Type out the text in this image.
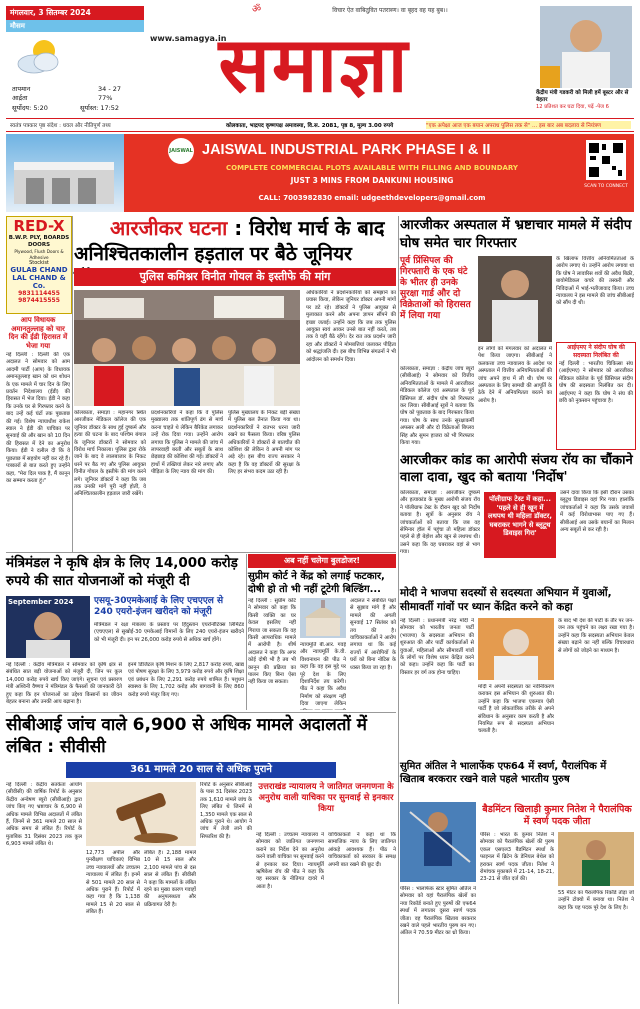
मंगलवार, 3 सितम्बर 2024
मौसम
तापमान	34 - 27
आर्द्रता	77%
सूर्योदय: 5:20	सूर्यास्त: 17:52
विचार ऐत वाबितु्वित पतराब्ण। वा बृहद वह यह बुब।।
ॐ
www.samagya.in
समाज्ञा	केंद्रीय मंत्री गडकरी को मिली हमें बूस्टर और से बेहतर
12 प्रतिशत कर घटा दिया, पढ़ें -पेज 6
स्वतंत्र पत्रकार पृष्ठ संदेश : धवल और नीतिपूर्ण तथ्य	कोलकाता, भाद्रपद कृष्णपक्ष अमावस्या, वि.स. 2081, पृष्ठ 8, मूल्य 3.00 रुपये	"एक अपेक्षा आज एक बयान अपराध पुलिस तक से" ... इस बार अब बदलाव से नियंत्रण
JAISWAL JAISWAL INDUSTRIAL PARK PHASE I & II
COMPLETE COMMERCIAL PLOTS AVAILABLE WITH FILLING AND BOUNDARY
JUST 3 MINS FROM DANKUNI HOUSING
CALL: 7003982830 email: udgeethdevelopers@gmail.com
SCAN TO CONNECT
RED-X
B.W.P. PLY, BOARDS DOORS
Plywood, Flush Doors & Adhesive
Stockist
GULAB CHAND LAL CHAND & Co.
9831114455
9874415555
आप विधायक अमानतुल्लाह को चार दिन की ईडी हिरासत में भेजा गया
नई दिल्ली : दिल्ली की एक अदालत ने सोमवार को आम आदमी पार्टी (आप) के विधायक अमानतुल्लाह खान को धन शोधन के एक मामले में चार दिन के लिए प्रवर्तन निदेशालय (ईडी) की हिरासत में भेज दिया। ईडी ने कहा कि उनके घर से गिरफ्तार करने के बाद उन्हें कई घंटों तक पूछताछ की गई। विशेष न्यायाधीश राकेश स्याल ने ईडी की याचिका पर सुनवाई की और खान को 10 दिन की हिरासत में देने का अनुरोध किया। ईडी ने दलील दी कि वे पूछताछ में सहयोग नहीं कर रहे हैं। पत्रकारों से बात करते हुए उन्होंने कहा, "मेरा दिल पाक है, मैं कानून का सम्मान करता हूं।"
आरजीकर घटना : विरोध मार्च के बाद
अनिश्चितकालीन हड़ताल पर बैठे जूनियर
पुलिस कमिश्नर विनीत गोयल के इस्तीफे की मांग
अधिकारियों ने प्रदर्शनकारियों को समझाने का प्रयास किया, लेकिन जूनियर डॉक्टर अपनी मांगों पर डटे रहे। डॉक्टरों ने पुलिस आयुक्त से मुलाकात करने और अपना ज्ञापन सौंपने की इच्छा जताई। उन्होंने कहा कि जब तक पुलिस आयुक्त स्वयं आकर उनसे बात नहीं करते, तब तक वे यहीं बैठे रहेंगे। देर रात तक प्रदर्शन जारी रहा और डॉक्टरों ने मोमबत्तियां जलाकर पीड़िता को श्रद्धांजलि दी। इस बीच विभिन्न संगठनों ने भी आंदोलन को समर्थन दिया।
कोलकाता, समाज्ञा : महानगर स्थित आरजीकर मेडिकल कॉलेज की एक जूनियर डॉक्टर के साथ हुई दुष्कर्म और हत्या की घटना के बाद पश्चिम बंगाल के जूनियर डॉक्टरों ने सोमवार को विरोध मार्च निकाला। पुलिस द्वारा रोके जाने के बाद वे लालबाजार के निकट धरने पर बैठ गए और पुलिस आयुक्त विनीत गोयल के इस्तीफे की मांग करने लगे। जूनियर डॉक्टरों ने कहा कि जब तक उनकी मांगें पूरी नहीं होतीं, वे अनिश्चितकालीन हड़ताल जारी रखेंगे।
प्रदर्शनकारियों ने कहा कि वे पुलिस मुख्यालय तक शांतिपूर्ण ढंग से मार्च करना चाहते थे लेकिन बैरिकेड लगाकर उन्हें रोक दिया गया। उन्होंने आरोप लगाया कि पुलिस ने मामले की जांच में लापरवाही बरती और सबूतों के साथ छेड़छाड़ की कोशिश की गई। डॉक्टरों ने हाथों में तख्तियां लेकर नारे लगाए और पीड़िता के लिए न्याय की मांग की।
पुलिस मुख्यालय के निकट बड़ी संख्या में पुलिस बल तैनात किया गया था। प्रदर्शनकारियों ने रातभर धरना जारी रखने का फैसला किया। वरिष्ठ पुलिस अधिकारियों ने डॉक्टरों से बातचीत की कोशिश की लेकिन वे अपनी मांग पर अड़े रहे। इस बीच राज्य सरकार ने कहा है कि वह डॉक्टरों की सुरक्षा के लिए हर संभव कदम उठा रही है।
आरजीकर अस्पताल में भ्रष्टाचार मामले में संदीप घोष समेत चार गिरफ्तार
पूर्व प्रिंसिपल की गिरफ्तारी के एक घंटे के भीतर ही उनके सुरक्षा गार्ड और दो विक्रेताओं को हिरासत में लिया गया
कोलकाता, समाज्ञा : केंद्रीय जांच ब्यूरो (सीबीआई) ने सोमवार को वित्तीय अनियमितताओं के मामले में आरजीकर मेडिकल कॉलेज एवं अस्पताल के पूर्व प्रिंसिपल डॉ. संदीप घोष को गिरफ्तार कर लिया। सीबीआई सूत्रों ने बताया कि घोष को पूछताछ के बाद गिरफ्तार किया गया। घोष के साथ उनके सुरक्षाकर्मी अफसर अली और दो विक्रेताओं बिप्लव सिंह और सुमन हाजरा को भी गिरफ्तार किया गया।
इन लोगों को मंगलवार को अदालत में पेश किया जाएगा। सीबीआई ने कलकत्ता उच्च न्यायालय के आदेश पर अस्पताल में वित्तीय अनियमितताओं की जांच अपने हाथ में ली थी। घोष पर अस्पताल के लिए सामग्री की आपूर्ति के ठेके देने में अनियमितता बरतने का आरोप है।
के खिलाफ वित्तीय अनियमितताओं के आरोप लगाए थे। उन्होंने आरोप लगाया था कि घोष ने लावारिस शवों की अवैध बिक्री, बायोमेडिकल कचरे की तस्करी और निविदाओं में भाई-भतीजावाद किया। उच्च न्यायालय ने इस मामले की जांच सीबीआई को सौंप दी थी।
आईएमए ने संदीप घोष की सदस्यता निलंबित की
नई दिल्ली : भारतीय चिकित्सा संघ (आईएमए) ने सोमवार को आरजीकर मेडिकल कॉलेज के पूर्व प्रिंसिपल संदीप घोष की सदस्यता निलंबित कर दी। आईएमए ने कहा कि घोष ने संघ की छवि को नुकसान पहुंचाया है।
आरजीकर कांड का आरोपी संजय रॉय का चौंकाने वाला दावा, खुद को बताया 'निर्दोष'
कोलकाता, समाज्ञा : आरजीकर दुष्कर्म और हत्याकांड के मुख्य आरोपी संजय रॉय ने पॉलीग्राफ टेस्ट के दौरान खुद को निर्दोष बताया है। सूत्रों के अनुसार रॉय ने जांचकर्ताओं को बताया कि जब वह सेमिनार हॉल में पहुंचा तो महिला डॉक्टर पहले से ही बेहोश और खून से लथपथ थी। उसने कहा कि वह घबराकर वहां से भाग गया।
पॉलीग्राफ टेस्ट में कहा... 'पहले से ही खून में लथपथ थी महिला डॉक्टर, घबराकर भागने से ब्लूटूथ डिवाइस गिरा'
उसने दावा किया कि इसी दौरान उसका ब्लूटूथ डिवाइस वहां गिर गया। हालांकि जांचकर्ताओं ने कहा कि उसके जवाबों में कई विरोधाभास पाए गए हैं। सीबीआई अब उसके बयानों का मिलान अन्य सबूतों से कर रही है।
मंत्रिमंडल ने कृषि क्षेत्र के लिए 14,000 करोड़ रुपये की सात योजनाओं को मंजूरी दी
September 2024 एसयू-30एमकेआई के लिए एचएएल से 240 एयरो-इंजन खरीदने को मंजूरी
मंत्रिमंडल ने रक्षा मंत्रालय के प्रस्ताव पर हिंदुस्तान एयरोनॉटिक्स लिमिटेड (एचएएल) से सुखोई-30 एमकेआई विमानों के लिए 240 एयरो-इंजन खरीदने को भी मंजूरी दी। इन पर 26,000 करोड़ रुपये से अधिक खर्च होंगे।
नई दिल्ली : केंद्रीय मंत्रिमंडल ने सोमवार को कृषि क्षेत्र से संबंधित सात बड़ी योजनाओं को मंजूरी दी, जिन पर कुल 14,000 करोड़ रुपये खर्च किए जाएंगे। सूचना एवं प्रसारण मंत्री अश्विनी वैष्णव ने मंत्रिमंडल के फैसलों की जानकारी देते हुए कहा कि इन योजनाओं का उद्देश्य किसानों का जीवन बेहतर बनाना और उनकी आय बढ़ाना है।
इनमें डिजिटल कृषि मिशन के लिए 2,817 करोड़ रुपये, खाद्य एवं पोषण सुरक्षा के लिए 3,979 करोड़ रुपये और कृषि शिक्षा एवं प्रबंधन के लिए 2,291 करोड़ रुपये शामिल हैं। पशुधन स्वास्थ्य के लिए 1,702 करोड़ और बागवानी के लिए 860 करोड़ रुपये मंजूर किए गए।
अब नहीं चलेगा बुलडोजर!
सुप्रीम कोर्ट ने केंद्र को लगाई फटकार, दोषी हो तो भी नहीं टूटेगी बिल्डिंग...
नई दिल्ली : सुप्रीम कोर्ट ने सोमवार को कहा कि किसी व्यक्ति का घर केवल इसलिए नहीं गिराया जा सकता कि वह किसी आपराधिक मामले में आरोपी है। शीर्ष अदालत ने कहा कि अगर कोई दोषी भी है तब भी कानून की प्रक्रिया का पालन किए बिना ऐसा नहीं किया जा सकता।
न्यायमूर्ति बी.आर. गवई और न्यायमूर्ति के.वी. विश्वनाथन की पीठ ने कहा कि वह इस मुद्दे पर पूरे देश के लिए दिशानिर्देश तय करेगी। पीठ ने कहा कि अवैध निर्माण को संरक्षण नहीं दिया जाएगा लेकिन
अदालत ने संबंधित पक्षों से सुझाव मांगे हैं और मामले की अगली सुनवाई 17 सितंबर को तय की है। याचिकाकर्ताओं ने आरोप लगाया था कि कई राज्यों में आरोपियों के घरों को बिना नोटिस के ध्वस्त किया जा रहा है।
मोदी ने भाजपा सदस्यों से सदस्यता अभियान में युवाओं, सीमावर्ती गांवों पर ध्यान केंद्रित करने को कहा
नई दिल्ली : प्रधानमंत्री नरेंद्र मोदी ने सोमवार को भारतीय जनता पार्टी (भाजपा) के सदस्यता अभियान की शुरुआत की और पार्टी कार्यकर्ताओं से युवाओं, महिलाओं और सीमावर्ती गांवों के लोगों पर विशेष ध्यान केंद्रित करने को कहा। उन्होंने कहा कि पार्टी का विस्तार हर वर्ग तक होना चाहिए।
मोदी ने अपनी सदस्यता का नवीनीकरण कराकर इस अभियान की शुरुआत की। उन्होंने कहा कि भाजपा एकमात्र ऐसी पार्टी है जो लोकतांत्रिक तरीके से अपने संविधान के अनुसार काम करती है और नियमित रूप से सदस्यता अभियान चलाती है।
के बाद भी देश की पार्टी के तौर पर जन-जन तक पहुंचने का लक्ष्य रखा गया है। उन्होंने कहा कि सदस्यता अभियान केवल संख्या बढ़ाने का नहीं बल्कि विचारधारा से लोगों को जोड़ने का माध्यम है।
सीबीआई जांच वाले 6,900 से अधिक मामले अदालतों में लंबित : सीवीसी
361 मामले 20 साल से अधिक पुराने
नई दिल्ली : केंद्रीय सतर्कता आयोग (सीवीसी) की वार्षिक रिपोर्ट के अनुसार केंद्रीय अन्वेषण ब्यूरो (सीबीआई) द्वारा जांच किए गए भ्रष्टाचार के 6,900 से अधिक मामले विभिन्न अदालतों में लंबित हैं, जिनमें से 361 मामले 20 साल से अधिक समय से लंबित हैं। रिपोर्ट के मुताबिक 31 दिसंबर 2023 तक कुल 6,903 मामले लंबित थे।
12,773 अपील और पुनरीक्षण याचिकाएं विभिन्न उच्च न्यायालयों और उच्चतम न्यायालय में लंबित हैं। इनमें से 501 मामले 20 साल से अधिक पुराने हैं। रिपोर्ट में कहा गया है कि 1,138 मामले 15 से 20 साल से लंबित हैं।
लंबित हैं। 2,188 मामले 10 से 15 साल और 2,100 मामले पांच से दस साल से लंबित हैं। सीवीसी ने कहा कि मामलों के लंबित रहने का मुख्य कारण गवाहों की अनुपलब्धता और प्रक्रियागत देरी है।
रिपोर्ट के अनुसार सीबीआई के पास 31 दिसंबर 2023 तक 1,610 मामले जांच के लिए लंबित थे जिनमें से 1,350 मामले एक साल से अधिक पुराने थे। आयोग ने जांच में तेजी लाने की सिफारिश की है।
उत्तराखंड न्यायालय ने जातिगत जनगणना के अनुरोध वाली याचिका पर सुनवाई से इनकार किया
नई दिल्ली : उच्चतम न्यायालय ने सोमवार को जातिगत जनगणना कराने का निर्देश देने का अनुरोध करने वाली याचिका पर सुनवाई करने से इनकार कर दिया। न्यायमूर्ति ऋषिकेश रॉय की पीठ ने कहा कि यह सरकार के नीतिगत दायरे में आता है।
याचिकाकर्ता ने कहा था कि सामाजिक न्याय के लिए जातिगत आंकड़े आवश्यक हैं। पीठ ने याचिकाकर्ता को सरकार के समक्ष अपनी बात रखने की छूट दी।
सुमित अंतिल ने भालाफेंक एफ64 में स्वर्ण, पैरालंपिक में खिताब बरकरार रखने वाले पहले भारतीय पुरुष
बैडमिंटन खिलाड़ी कुमार नितेश ने पैरालंपिक में स्वर्ण पदक जीता
पेरिस : भालाफेंक स्टार सुमित अंतिल ने सोमवार को यहां पैरालंपिक खेलों का नया रिकॉर्ड बनाते हुए पुरुषों की एफ64 स्पर्धा में लगातार दूसरा स्वर्ण पदक जीता। वह पैरालंपिक खिताब बरकरार रखने वाले पहले भारतीय पुरुष बन गए। अंतिल ने 70.59 मीटर का थ्रो किया।
पेरिस : भारत के कुमार नितेश ने सोमवार को पैरालंपिक खेलों की पुरुष एकल एसएल3 बैडमिंटन स्पर्धा के फाइनल में ब्रिटेन के डेनियल बेथेल को हराकर स्वर्ण पदक जीता। नितेश ने रोमांचक मुकाबले में 21-14, 18-21, 23-21 से जीत दर्ज की।
55 मीटर का पैरालंपिक रिकॉर्ड तोड़ा जो उन्होंने टोक्यो में बनाया था। नितेश ने कहा कि यह पदक पूरे देश के लिए है।
